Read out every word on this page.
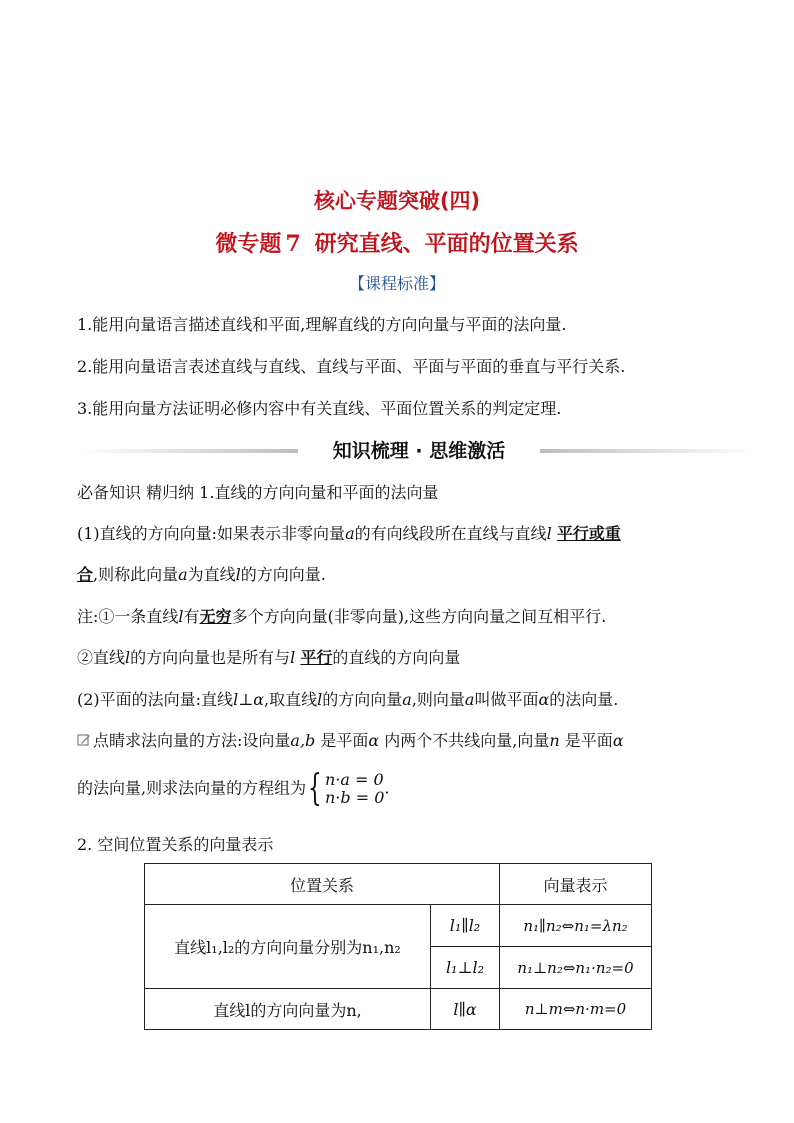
核心专题突破(四)
微专题 7 研究直线、平面的位置关系
【课程标准】
1.能用向量语言描述直线和平面,理解直线的方向向量与平面的法向量.
2.能用向量语言表述直线与直线、直线与平面、平面与平面的垂直与平行关系.
3.能用向量方法证明必修内容中有关直线、平面位置关系的判定定理.
知识梳理 · 思维激活
必备知识 精归纳 1.直线的方向向量和平面的法向量
(1)直线的方向向量:如果表示非零向量a的有向线段所在直线与直线l 平行或重
合,则称此向量a为直线l的方向向量.
注:①一条直线l有无穷多个方向向量(非零向量),这些方向向量之间互相平行.
②直线l的方向向量也是所有与l 平行的直线的方向向量
(2)平面的法向量:直线l⊥α,取直线l的方向向量a,则向量a叫做平面α的法向量.
点睛求法向量的方法:设向量a,b 是平面α 内两个不共线向量,向量n 是平面α
的法向量,则求法向量的方程组为{ n·a = 0
n·b = 0 .
2. 空间位置关系的向量表示
位置关系		向量表示
直线l₁,l₂的方向向量分别为n₁,n₂	l₁∥l₂	n₁∥n₂⇔n₁=λn₂
	l₁⊥l₂	n₁⊥n₂⇔n₁·n₂=0
直线l的方向向量为n,	l∥α	n⊥m⇔n·m=0
